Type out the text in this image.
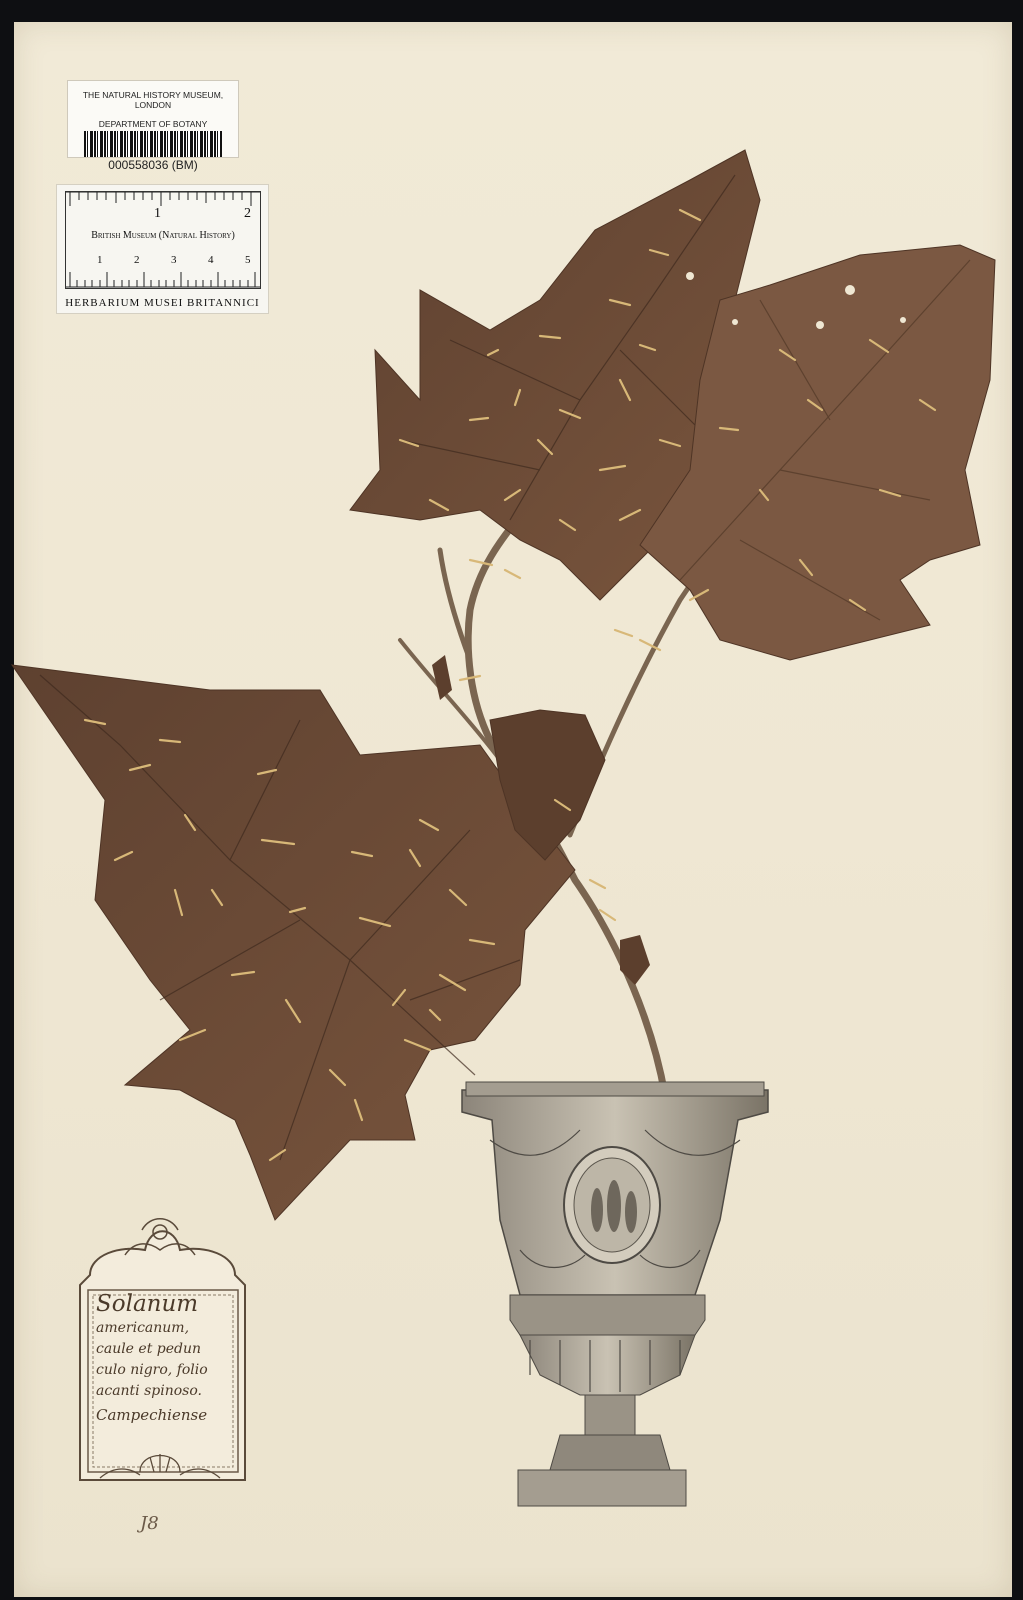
THE NATURAL HISTORY MUSEUM, LONDON
DEPARTMENT OF BOTANY
000558036 (BM)
1	2
British Museum (Natural History)
1	2	3	4	5
HERBARIUM MUSEI BRITANNICI
Solanum
americanum,
caule et pedun
culo nigro, folio
acanti spinoso.
Campechiense
J8
